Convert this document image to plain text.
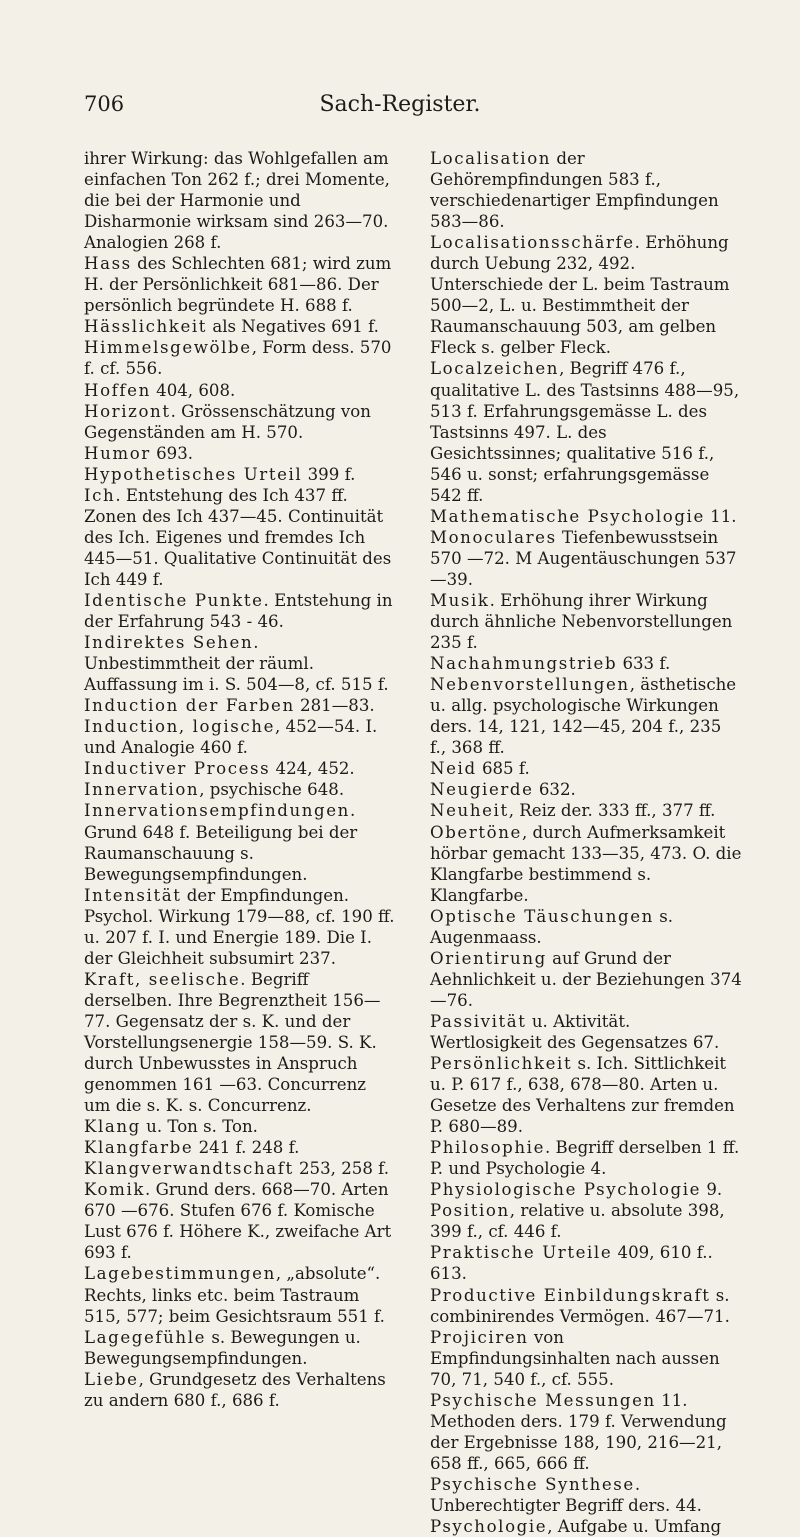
706	Sach-Register.

ihrer Wirkung: das Wohlgefallen am einfachen Ton 262 f.; drei Momente, die bei der Harmonie und Disharmonie wirksam sind 263—70. Analogien 268 f.

Hass des Schlechten 681; wird zum H. der Persönlichkeit 681—86. Der persönlich begründete H. 688 f.

Hässlichkeit als Negatives 691 f.

Himmelsgewölbe, Form dess. 570 f. cf. 556.

Hoffen 404, 608.

Horizont. Grössenschätzung von Gegenständen am H. 570.

Humor 693.

Hypothetisches Urteil 399 f.

Ich. Entstehung des Ich 437 ff. Zonen des Ich 437—45. Continuität des Ich. Eigenes und fremdes Ich 445—51. Qualitative Continuität des Ich 449 f.

Identische Punkte. Entstehung in der Erfahrung 543 - 46.

Indirektes Sehen. Unbestimmtheit der räuml. Auffassung im i. S. 504—8, cf. 515 f.

Induction der Farben 281—83.

Induction, logische, 452—54. I. und Analogie 460 f.

Inductiver Process 424, 452.

Innervation, psychische 648.

Innervationsempfindungen. Grund 648 f. Beteiligung bei der Raumanschauung s. Bewegungsempfindungen.

Intensität der Empfindungen. Psychol. Wirkung 179—88, cf. 190 ff. u. 207 f. I. und Energie 189. Die I. der Gleichheit subsumirt 237.

Kraft, seelische. Begriff derselben. Ihre Begrenztheit 156—77. Gegensatz der s. K. und der Vorstellungsenergie 158—59. S. K. durch Unbewusstes in Anspruch genommen 161 —63. Concurrenz um die s. K. s. Concurrenz.

Klang u. Ton s. Ton.

Klangfarbe 241 f. 248 f.

Klangverwandtschaft 253, 258 f.

Komik. Grund ders. 668—70. Arten 670 —676. Stufen 676 f. Komische Lust 676 f. Höhere K., zweifache Art 693 f.

Lagebestimmungen, „absolute“. Rechts, links etc. beim Tastraum 515, 577; beim Gesichtsraum 551 f.

Lagegefühle s. Bewegungen u. Bewegungsempfindungen.

Liebe, Grundgesetz des Verhaltens zu andern 680 f., 686 f.

Localisation der Gehörempfindungen 583 f., verschiedenartiger Empfindungen 583—86.

Localisationsschärfe. Erhöhung durch Uebung 232, 492. Unterschiede der L. beim Tastraum 500—2, L. u. Bestimmtheit der Raumanschauung 503, am gelben Fleck s. gelber Fleck.

Localzeichen, Begriff 476 f., qualitative L. des Tastsinns 488—95, 513 f. Erfahrungsgemässe L. des Tastsinns 497. L. des Gesichtssinnes; qualitative 516 f., 546 u. sonst; erfahrungsgemässe 542 ff.

Mathematische Psychologie 11.

Monoculares Tiefenbewusstsein 570 —72. M Augentäuschungen 537—39.

Musik. Erhöhung ihrer Wirkung durch ähnliche Nebenvorstellungen 235 f.

Nachahmungstrieb 633 f.

Nebenvorstellungen, ästhetische u. allg. psychologische Wirkungen ders. 14, 121, 142—45, 204 f., 235 f., 368 ff.

Neid 685 f.

Neugierde 632.

Neuheit, Reiz der. 333 ff., 377 ff.

Obertöne, durch Aufmerksamkeit hörbar gemacht 133—35, 473. O. die Klangfarbe bestimmend s. Klangfarbe.

Optische Täuschungen s. Augenmaass.

Orientirung auf Grund der Aehnlichkeit u. der Beziehungen 374—76.

Passivität u. Aktivität. Wertlosigkeit des Gegensatzes 67.

Persönlichkeit s. Ich. Sittlichkeit u. P. 617 f., 638, 678—80. Arten u. Gesetze des Verhaltens zur fremden P. 680—89.

Philosophie. Begriff derselben 1 ff. P. und Psychologie 4.

Physiologische Psychologie 9.

Position, relative u. absolute 398, 399 f., cf. 446 f.

Praktische Urteile 409, 610 f.. 613.

Productive Einbildungskraft s. combinirendes Vermögen. 467—71.

Projiciren von Empfindungsinhalten nach aussen 70, 71, 540 f., cf. 555.

Psychische Messungen 11. Methoden ders. 179 f. Verwendung der Ergebnisse 188, 190, 216—21, 658 ff., 665, 666 ff.

Psychische Synthese. Unberechtigter Begriff ders. 44.

Psychologie, Aufgabe u. Umfang
